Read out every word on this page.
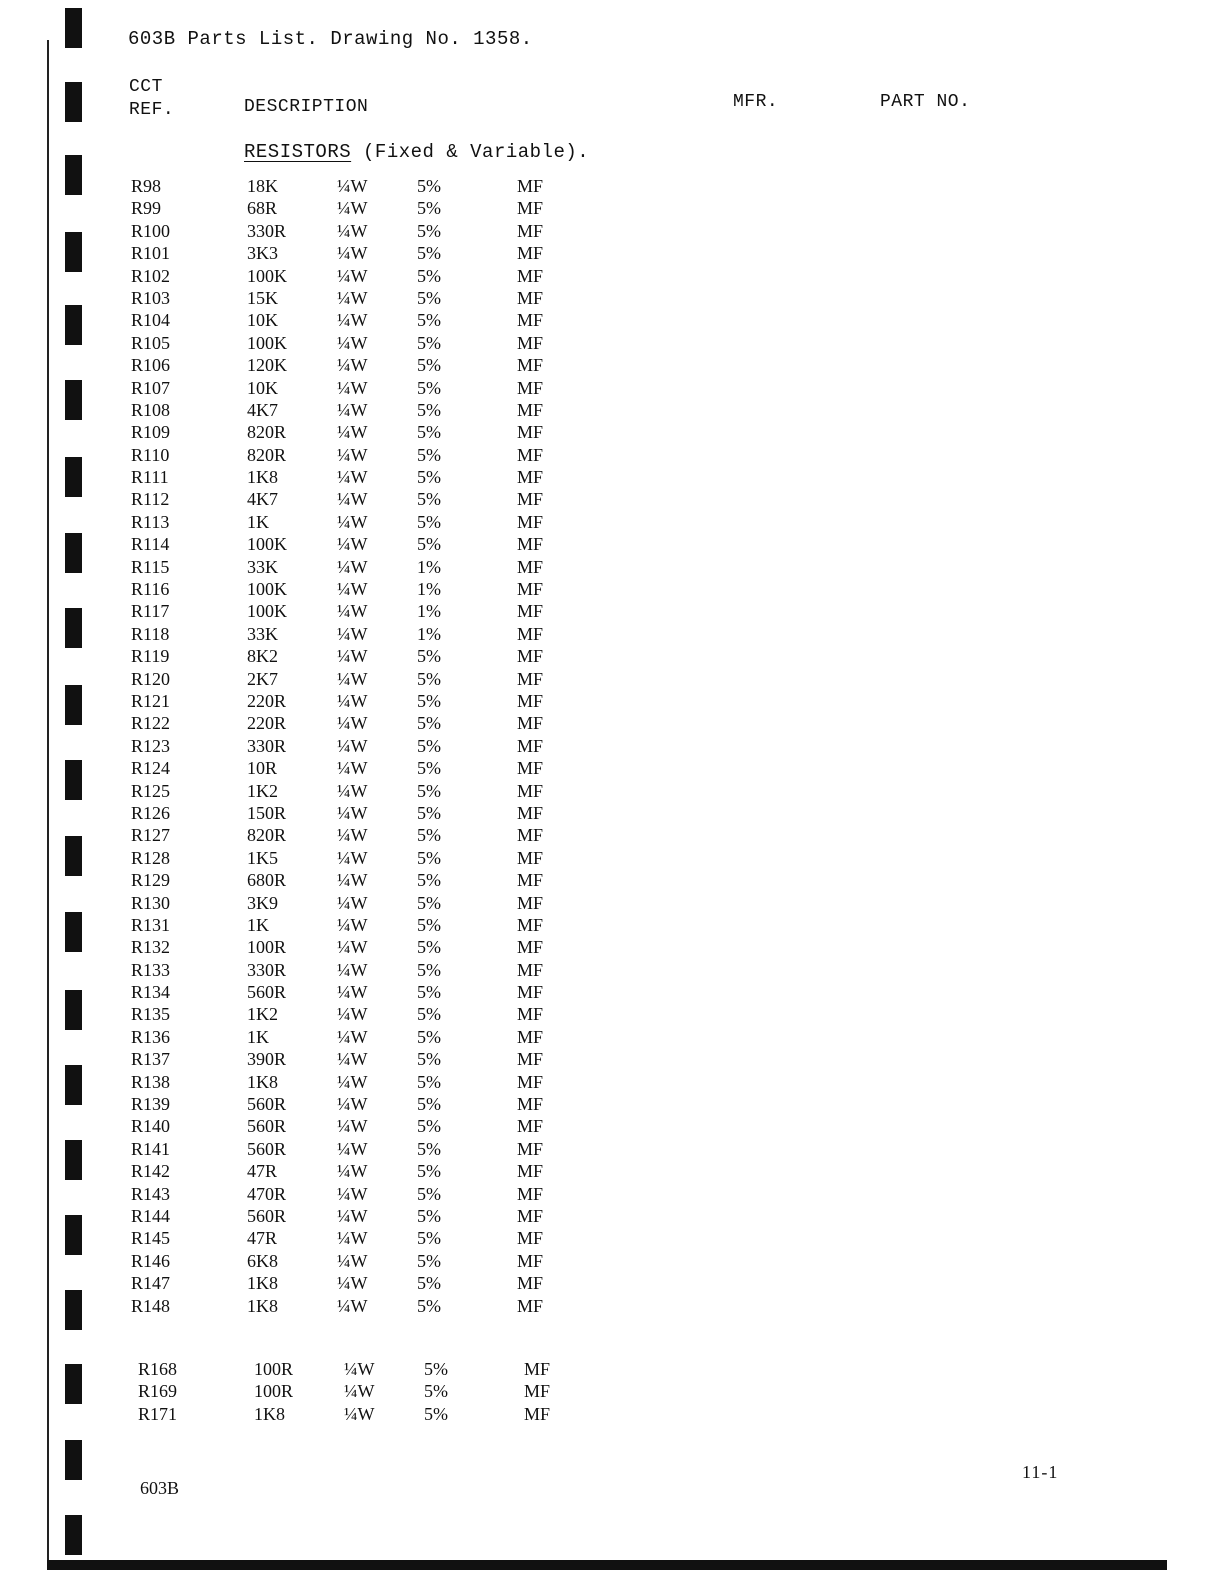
603B Parts List. Drawing No. 1358.
CCT
REF.	DESCRIPTION	MFR.	PART NO.
RESISTORS (Fixed & Variable).
R98	18K	¼W	5%	MF
R99	68R	¼W	5%	MF
R100	330R	¼W	5%	MF
R101	3K3	¼W	5%	MF
R102	100K	¼W	5%	MF
R103	15K	¼W	5%	MF
R104	10K	¼W	5%	MF
R105	100K	¼W	5%	MF
R106	120K	¼W	5%	MF
R107	10K	¼W	5%	MF
R108	4K7	¼W	5%	MF
R109	820R	¼W	5%	MF
R110	820R	¼W	5%	MF
R111	1K8	¼W	5%	MF
R112	4K7	¼W	5%	MF
R113	1K	¼W	5%	MF
R114	100K	¼W	5%	MF
R115	33K	¼W	1%	MF
R116	100K	¼W	1%	MF
R117	100K	¼W	1%	MF
R118	33K	¼W	1%	MF
R119	8K2	¼W	5%	MF
R120	2K7	¼W	5%	MF
R121	220R	¼W	5%	MF
R122	220R	¼W	5%	MF
R123	330R	¼W	5%	MF
R124	10R	¼W	5%	MF
R125	1K2	¼W	5%	MF
R126	150R	¼W	5%	MF
R127	820R	¼W	5%	MF
R128	1K5	¼W	5%	MF
R129	680R	¼W	5%	MF
R130	3K9	¼W	5%	MF
R131	1K	¼W	5%	MF
R132	100R	¼W	5%	MF
R133	330R	¼W	5%	MF
R134	560R	¼W	5%	MF
R135	1K2	¼W	5%	MF
R136	1K	¼W	5%	MF
R137	390R	¼W	5%	MF
R138	1K8	¼W	5%	MF
R139	560R	¼W	5%	MF
R140	560R	¼W	5%	MF
R141	560R	¼W	5%	MF
R142	47R	¼W	5%	MF
R143	470R	¼W	5%	MF
R144	560R	¼W	5%	MF
R145	47R	¼W	5%	MF
R146	6K8	¼W	5%	MF
R147	1K8	¼W	5%	MF
R148	1K8	¼W	5%	MF
R168	100R	¼W	5%	MF
R169	100R	¼W	5%	MF
R171	1K8	¼W	5%	MF
603B
11-1
